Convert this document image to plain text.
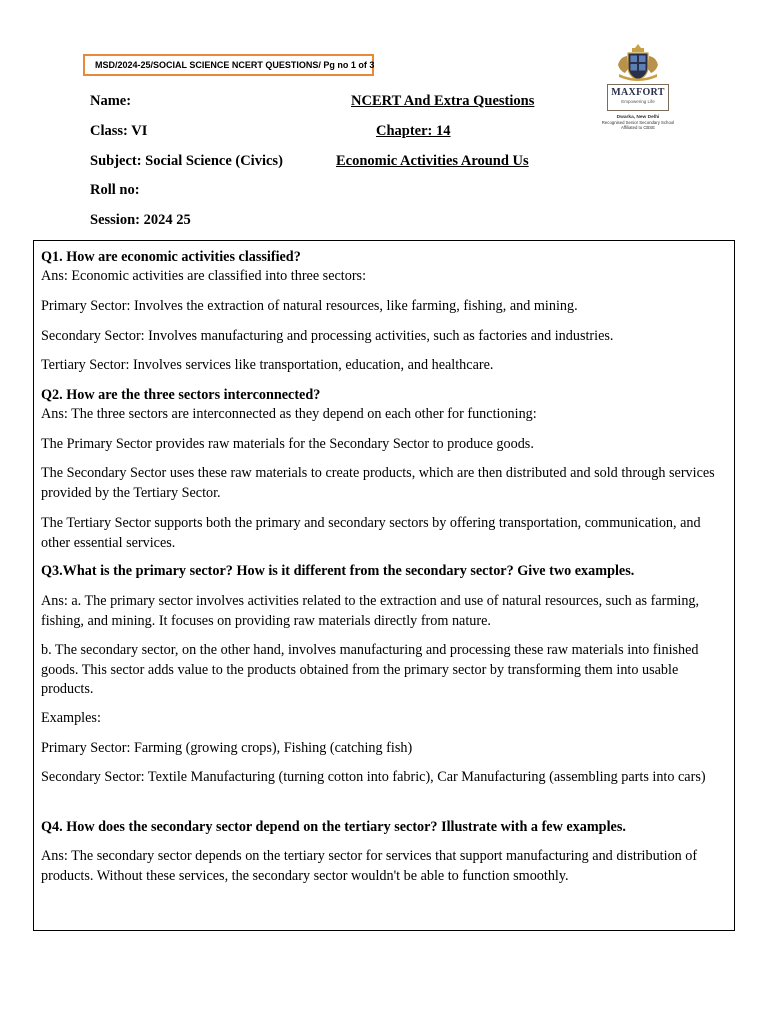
MSD/2024-25/SOCIAL SCIENCE NCERT QUESTIONS/ Pg no 1 of 3
Name:
Class: VI
Subject: Social Science (Civics)
Roll no:
Session: 2024 25
NCERT And Extra Questions
Chapter: 14
Economic Activities Around Us
MAXFORT
Empowering Life
Dwarka, New Delhi
Recognised Senior Secondary School
Affiliated to CBSE

Q1. How are economic activities classified?

Ans: Economic activities are classified into three sectors:

Primary Sector: Involves the extraction of natural resources, like farming, fishing, and mining.

Secondary Sector: Involves manufacturing and processing activities, such as factories and industries.

Tertiary Sector: Involves services like transportation, education, and healthcare.

Q2. How are the three sectors interconnected?

Ans: The three sectors are interconnected as they depend on each other for functioning:

The Primary Sector provides raw materials for the Secondary Sector to produce goods.

The Secondary Sector uses these raw materials to create products, which are then distributed and sold through services provided by the Tertiary Sector.

The Tertiary Sector supports both the primary and secondary sectors by offering transportation, communication, and other essential services.

Q3.What is the primary sector? How is it different from the secondary sector? Give two examples.

Ans: a. The primary sector involves activities related to the extraction and use of natural resources, such as farming, fishing, and mining. It focuses on providing raw materials directly from nature.

b. The secondary sector, on the other hand, involves manufacturing and processing these raw materials into finished goods. This sector adds value to the products obtained from the primary sector by transforming them into usable products.

Examples:

Primary Sector: Farming (growing crops), Fishing (catching fish)

Secondary Sector: Textile Manufacturing (turning cotton into fabric), Car Manufacturing (assembling parts into cars)

Q4. How does the secondary sector depend on the tertiary sector? Illustrate with a few examples.

Ans: The secondary sector depends on the tertiary sector for services that support manufacturing and distribution of products. Without these services, the secondary sector wouldn't be able to function smoothly.
